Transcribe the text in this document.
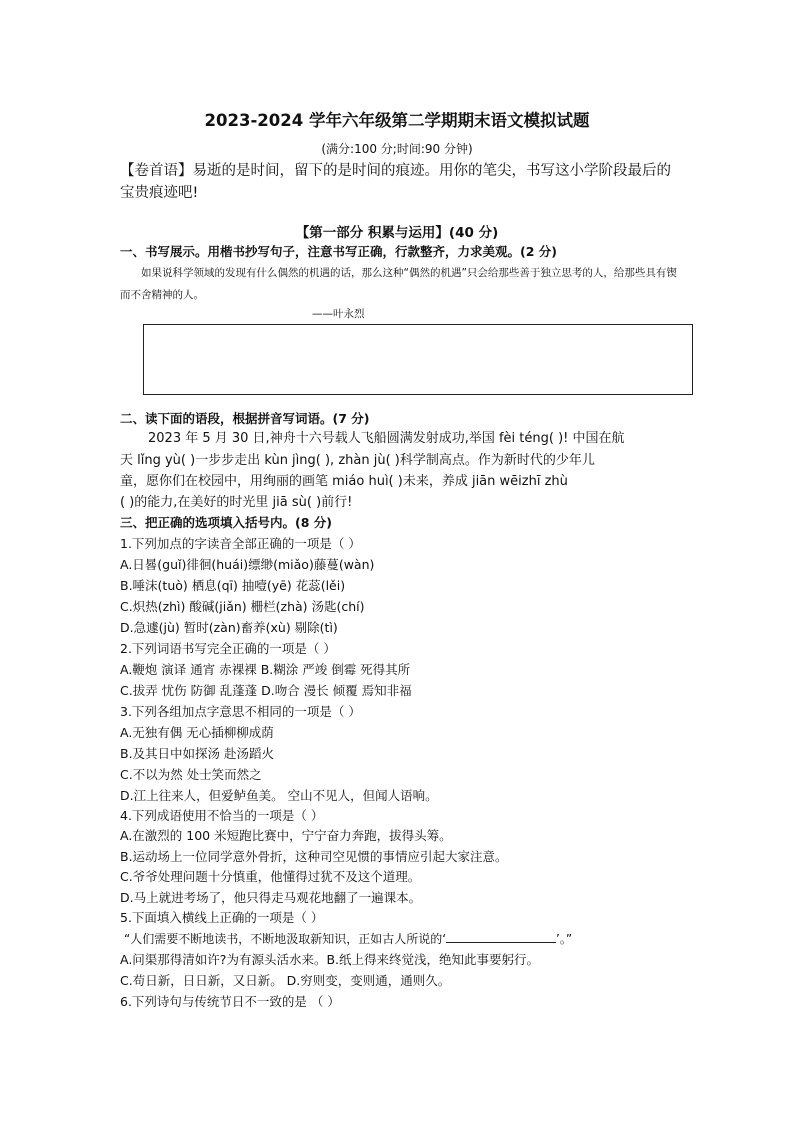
2023-2024 学年六年级第二学期期末语文模拟试题
(满分:100 分;时间:90 分钟)
【卷首语】易逝的是时间，留下的是时间的痕迹。用你的笔尖，书写这小学阶段最后的宝贵痕迹吧!
【第一部分 积累与运用】(40 分)
一、书写展示。用楷书抄写句子，注意书写正确，行款整齐，力求美观。(2 分)
如果说科学领域的发现有什么偶然的机遇的话，那么这种“偶然的机遇”只会给那些善于独立思考的人，给那些具有锲而不舍精神的人。
——叶永烈
二、读下面的语段，根据拼音写词语。(7 分)
2023 年 5 月 30 日,神舟十六号载人飞船圆满发射成功,举国 fèi téng( )! 中国在航
天 lǐng yù( )一步步走出 kùn jìng( ), zhàn jù( )科学制高点。作为新时代的少年儿
童，愿你们在校园中，用绚丽的画笔 miáo huì( )未来，养成 jiān wēizhī zhù
( )的能力,在美好的时光里 jiā sù( )前行!
三、把正确的选项填入括号内。(8 分)
1.下列加点的字读音全部正确的一项是（ ）
A.日晷(guǐ)徘徊(huái)缥缈(miǎo)藤蔓(wàn)
B.唾沫(tuò) 栖息(qī) 抽噎(yē) 花蕊(lěi)
C.炽热(zhì) 酸碱(jiǎn) 栅栏(zhà) 汤匙(chí)
D.急遽(jù) 暂时(zàn)畜养(xù) 剔除(tì)
2.下列词语书写完全正确的一项是（ ）
A.鞭炮 演译 通宵 赤裸裸 B.糊涂 严竣 倒霉 死得其所
C.拔弄 忧伤 防御 乱蓬蓬 D.吻合 漫长 倾覆 焉知非福
3.下列各组加点字意思不相同的一项是（ ）
A.无独有偶 无心插柳柳成荫
B.及其日中如探汤 赴汤蹈火
C.不以为然 处士笑而然之
D.江上往来人，但爱鲈鱼美。 空山不见人，但闻人语响。
4.下列成语使用不恰当的一项是（ ）
A.在激烈的 100 米短跑比赛中，宁宁奋力奔跑，拔得头筹。
B.运动场上一位同学意外骨折，这种司空见惯的事情应引起大家注意。
C.爷爷处理问题十分慎重，他懂得过犹不及这个道理。
D.马上就进考场了，他只得走马观花地翻了一遍课本。
5.下面填入横线上正确的一项是（ ）
“人们需要不断地读书，不断地汲取新知识，正如古人所说的‘	’。”
A.问渠那得清如许?为有源头活水来。B.纸上得来终觉浅，绝知此事要躬行。
C.苟日新，日日新，又日新。 D.穷则变，变则通，通则久。
6.下列诗句与传统节日不一致的是 （ ）
